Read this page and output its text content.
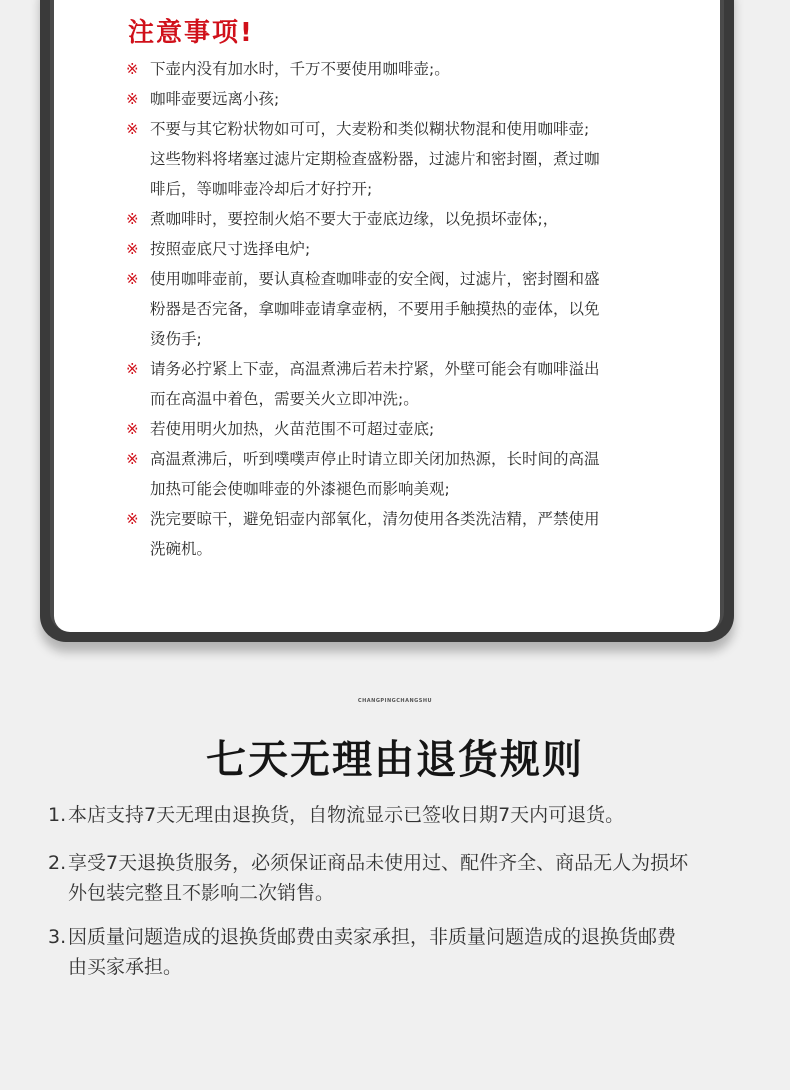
注意事项!
※ 下壶内没有加水时，千万不要使用咖啡壶;。
※ 咖啡壶要远离小孩;
※ 不要与其它粉状物如可可，大麦粉和类似糊状物混和使用咖啡壶;
这些物料将堵塞过滤片定期检查盛粉器，过滤片和密封圈，煮过咖
啡后，等咖啡壶冷却后才好拧开;
※ 煮咖啡时，要控制火焰不要大于壶底边缘，以免损坏壶体;，
※ 按照壶底尺寸选择电炉;
※ 使用咖啡壶前，要认真检查咖啡壶的安全阀，过滤片，密封圈和盛
粉器是否完备，拿咖啡壶请拿壶柄，不要用手触摸热的壶体，以免
烫伤手;
※ 请务必拧紧上下壶，高温煮沸后若未拧紧，外壁可能会有咖啡溢出
而在高温中着色，需要关火立即冲洗;。
※ 若使用明火加热，火苗范围不可超过壶底;
※ 高温煮沸后，听到噗噗声停止时请立即关闭加热源，长时间的高温
加热可能会使咖啡壶的外漆褪色而影响美观;
※ 洗完要晾干，避免铝壶内部氧化，清勿使用各类洗洁精，严禁使用
洗碗机。
CHANGPINGCHANGSHU
七天无理由退货规则
1. 本店支持7天无理由退换货，自物流显示已签收日期7天内可退货。
2. 享受7天退换货服务，必须保证商品未使用过、配件齐全、商品无人为损坏
外包装完整且不影响二次销售。
3. 因质量问题造成的退换货邮费由卖家承担，非质量问题造成的退换货邮费
由买家承担。
